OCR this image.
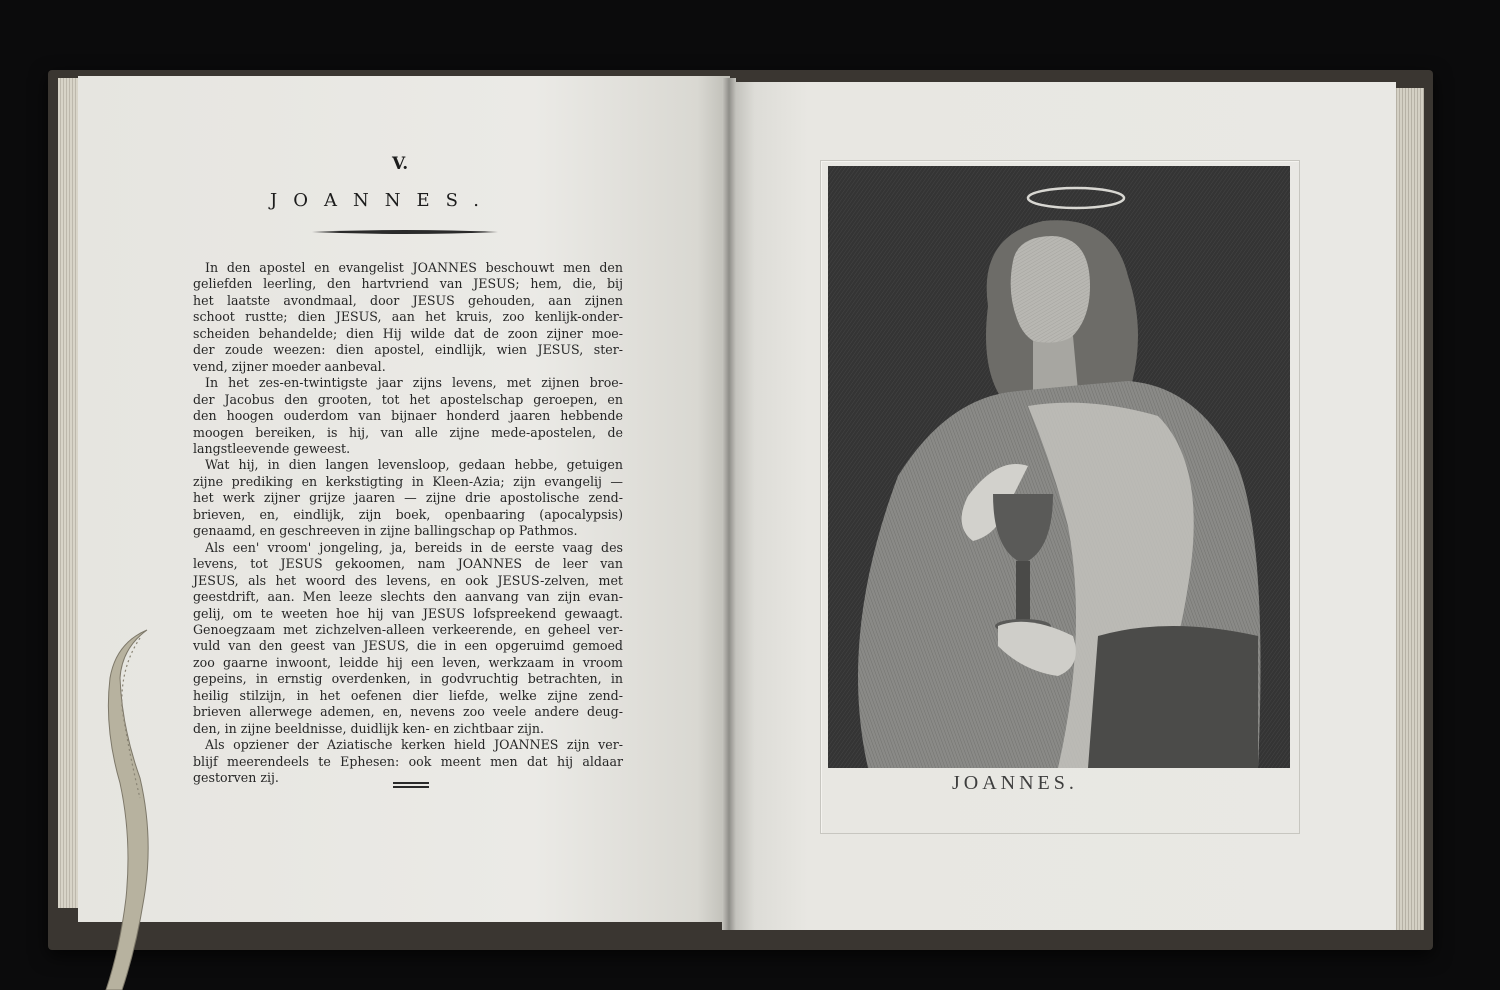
V.
JOANNES.
In den apostel en evangelist JOANNES beschouwt men den
geliefden leerling, den hartvriend van JESUS; hem, die, bij
het laatste avondmaal, door JESUS gehouden, aan zijnen
schoot rustte; dien JESUS, aan het kruis, zoo kenlijk-onder-
scheiden behandelde; dien Hij wilde dat de zoon zijner moe-
der zoude weezen: dien apostel, eindlijk, wien JESUS, ster-
vend, zijner moeder aanbeval.
In het zes-en-twintigste jaar zijns levens, met zijnen broe-
der Jacobus den grooten, tot het apostelschap geroepen, en
den hoogen ouderdom van bijnaer honderd jaaren hebbende
moogen bereiken, is hij, van alle zijne mede-apostelen, de
langstleevende geweest.
Wat hij, in dien langen levensloop, gedaan hebbe, getuigen
zijne prediking en kerkstigting in Kleen-Azia; zijn evangelij —
het werk zijner grijze jaaren — zijne drie apostolische zend-
brieven, en, eindlijk, zijn boek, openbaaring (apocalypsis)
genaamd, en geschreeven in zijne ballingschap op Pathmos.
Als een' vroom' jongeling, ja, bereids in de eerste vaag des
levens, tot JESUS gekoomen, nam JOANNES de leer van
JESUS, als het woord des levens, en ook JESUS-zelven, met
geestdrift, aan. Men leeze slechts den aanvang van zijn evan-
gelij, om te weeten hoe hij van JESUS lofspreekend gewaagt.
Genoegzaam met zichzelven-alleen verkeerende, en geheel ver-
vuld van den geest van JESUS, die in een opgeruimd gemoed
zoo gaarne inwoont, leidde hij een leven, werkzaam in vroom
gepeins, in ernstig overdenken, in godvruchtig betrachten, in
heilig stilzijn, in het oefenen dier liefde, welke zijne zend-
brieven allerwege ademen, en, nevens zoo veele andere deug-
den, in zijne beeldnisse, duidlijk ken- en zichtbaar zijn.
Als opziener der Aziatische kerken hield JOANNES zijn ver-
blijf meerendeels te Ephesen: ook meent men dat hij aldaar
gestorven zij.	JOANNES.
